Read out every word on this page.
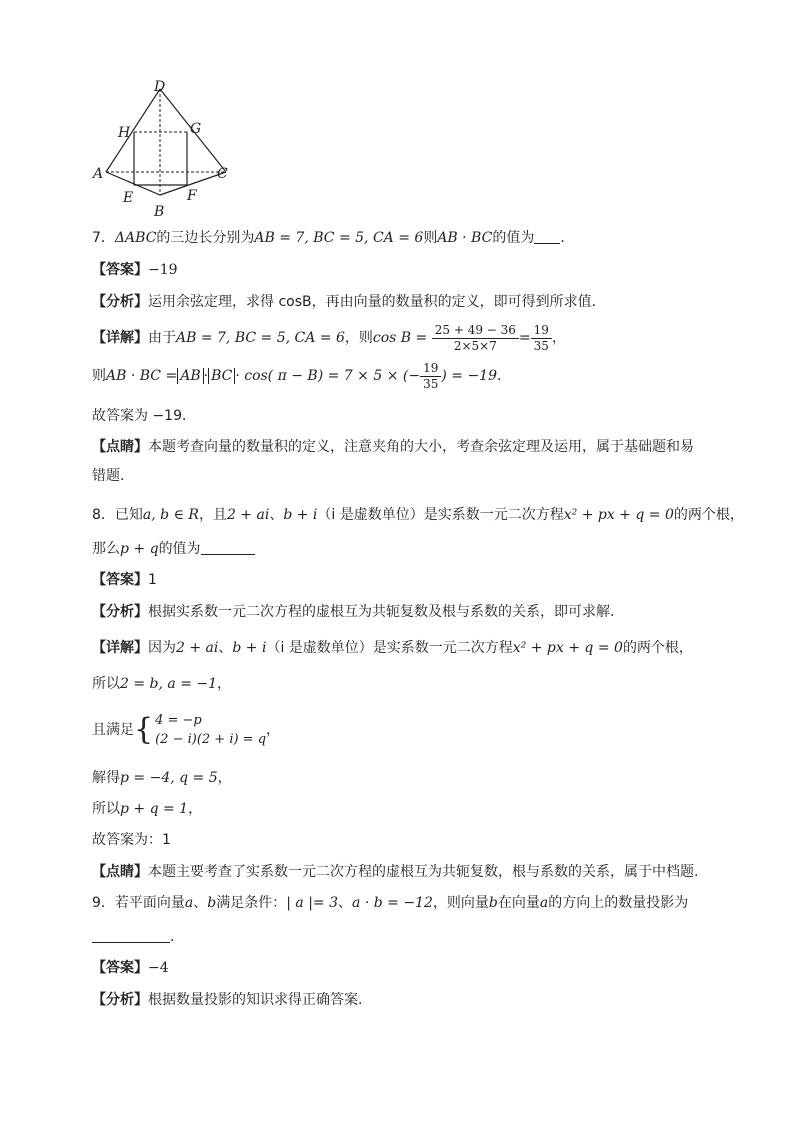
D
H	G
A	C
E	F
B
7．ΔABC的三边长分别为AB = 7, BC = 5, CA = 6则AB · BC的值为 ．
【答案】−19
【分析】运用余弦定理，求得 cosB，再由向量的数量积的定义，即可得到所求值．
【详解】由于AB = 7, BC = 5, CA = 6，则$\cos B = \frac{25 + 49 - 36}{2\times 5\times 7} = \frac{19}{35}$ ，
则AB · BC = AB · BC · cos( π − B) = 7 × 5 × (− $\frac{19}{35}$ ) = −19.
故答案为 −19．
【点睛】本题考查向量的数量积的定义，注意夹角的大小，考查余弦定理及运用，属于基础题和易
错题．
8．已知a, b ∈ R，且2 + ai、b + i（i 是虚数单位）是实系数一元二次方程x² + px + q = 0的两个根，
那么p + q的值为
【答案】1
【分析】根据实系数一元二次方程的虚根互为共轭复数及根与系数的关系，即可求解.
【详解】因为2 + ai、b + i（i 是虚数单位）是实系数一元二次方程x² + px + q = 0的两个根，
所以2 = b, a = −1，
且满足{ 4 = −p
(2 − i)(2 + i) = q
，
解得p = −4, q = 5，
所以p + q = 1，
故答案为：1
【点睛】本题主要考查了实系数一元二次方程的虚根互为共轭复数，根与系数的关系，属于中档题.
9．若平面向量a、b满足条件：| a |= 3、a · b = −12，则向量b在向量a的方向上的数量投影为
.
【答案】−4
【分析】根据数量投影的知识求得正确答案.
